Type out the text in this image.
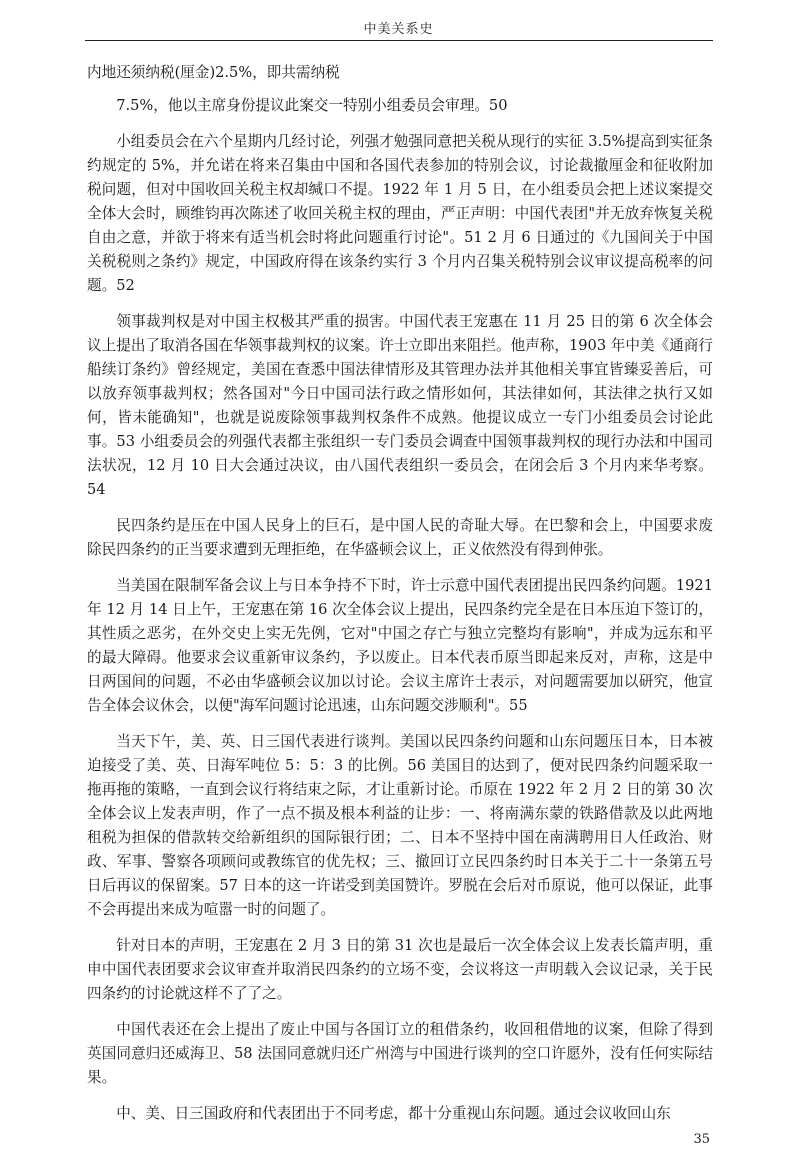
中美关系史

内地还须纳税(厘金)2.5%，即共需纳税

7.5%，他以主席身份提议此案交一特别小组委员会审理。50

小组委员会在六个星期内几经讨论，列强才勉强同意把关税从现行的实征 3.5%提高到实征条约规定的 5%，并允诺在将来召集由中国和各国代表参加的特别会议，讨论裁撤厘金和征收附加税问题，但对中国收回关税主权却缄口不提。1922 年 1 月 5 日，在小组委员会把上述议案提交全体大会时，顾维钧再次陈述了收回关税主权的理由，严正声明：中国代表团"并无放弃恢复关税自由之意，并欲于将来有适当机会时将此问题重行讨论"。51 2 月 6 日通过的《九国间关于中国关税税则之条约》规定，中国政府得在该条约实行 3 个月内召集关税特别会议审议提高税率的问题。52

领事裁判权是对中国主权极其严重的损害。中国代表王宠惠在 11 月 25 日的第 6 次全体会议上提出了取消各国在华领事裁判权的议案。许士立即出来阻拦。他声称，1903 年中美《通商行船续订条约》曾经规定，美国在查悉中国法律情形及其管理办法并其他相关事宜皆臻妥善后，可以放弃领事裁判权；然各国对"今日中国司法行政之情形如何，其法律如何，其法律之执行又如何，皆未能确知"，也就是说废除领事裁判权条件不成熟。他提议成立一专门小组委员会讨论此事。53 小组委员会的列强代表都主张组织一专门委员会调查中国领事裁判权的现行办法和中国司法状况，12 月 10 日大会通过决议，由八国代表组织一委员会，在闭会后 3 个月内来华考察。54

民四条约是压在中国人民身上的巨石，是中国人民的奇耻大辱。在巴黎和会上，中国要求废除民四条约的正当要求遭到无理拒绝，在华盛顿会议上，正义依然没有得到伸张。

当美国在限制军备会议上与日本争持不下时，许士示意中国代表团提出民四条约问题。1921 年 12 月 14 日上午，王宠惠在第 16 次全体会议上提出，民四条约完全是在日本压迫下签订的，其性质之恶劣，在外交史上实无先例，它对"中国之存亡与独立完整均有影响"，并成为远东和平的最大障碍。他要求会议重新审议条约，予以废止。日本代表币原当即起来反对，声称，这是中日两国间的问题，不必由华盛顿会议加以讨论。会议主席许士表示，对问题需要加以研究，他宣告全体会议休会，以便"海军问题讨论迅速，山东问题交涉顺利"。55

当天下午，美、英、日三国代表进行谈判。美国以民四条约问题和山东问题压日本，日本被迫接受了美、英、日海军吨位 5：5：3 的比例。56 美国目的达到了，便对民四条约问题采取一拖再拖的策略，一直到会议行将结束之际，才让重新讨论。币原在 1922 年 2 月 2 日的第 30 次全体会议上发表声明，作了一点不损及根本利益的让步：一、将南满东蒙的铁路借款及以此两地租税为担保的借款转交给新组织的国际银行团；二、日本不坚持中国在南满聘用日人任政治、财政、军事、警察各项顾问或教练官的优先权；三、撤回订立民四条约时日本关于二十一条第五号日后再议的保留案。57 日本的这一许诺受到美国赞许。罗脱在会后对币原说，他可以保证，此事不会再提出来成为喧嚣一时的问题了。

针对日本的声明，王宠惠在 2 月 3 日的第 31 次也是最后一次全体会议上发表长篇声明，重申中国代表团要求会议审查并取消民四条约的立场不变，会议将这一声明载入会议记录，关于民四条约的讨论就这样不了了之。

中国代表还在会上提出了废止中国与各国订立的租借条约，收回租借地的议案，但除了得到英国同意归还威海卫、58 法国同意就归还广州湾与中国进行谈判的空口许愿外，没有任何实际结果。

中、美、日三国政府和代表团出于不同考虑，都十分重视山东问题。通过会议收回山东

35
